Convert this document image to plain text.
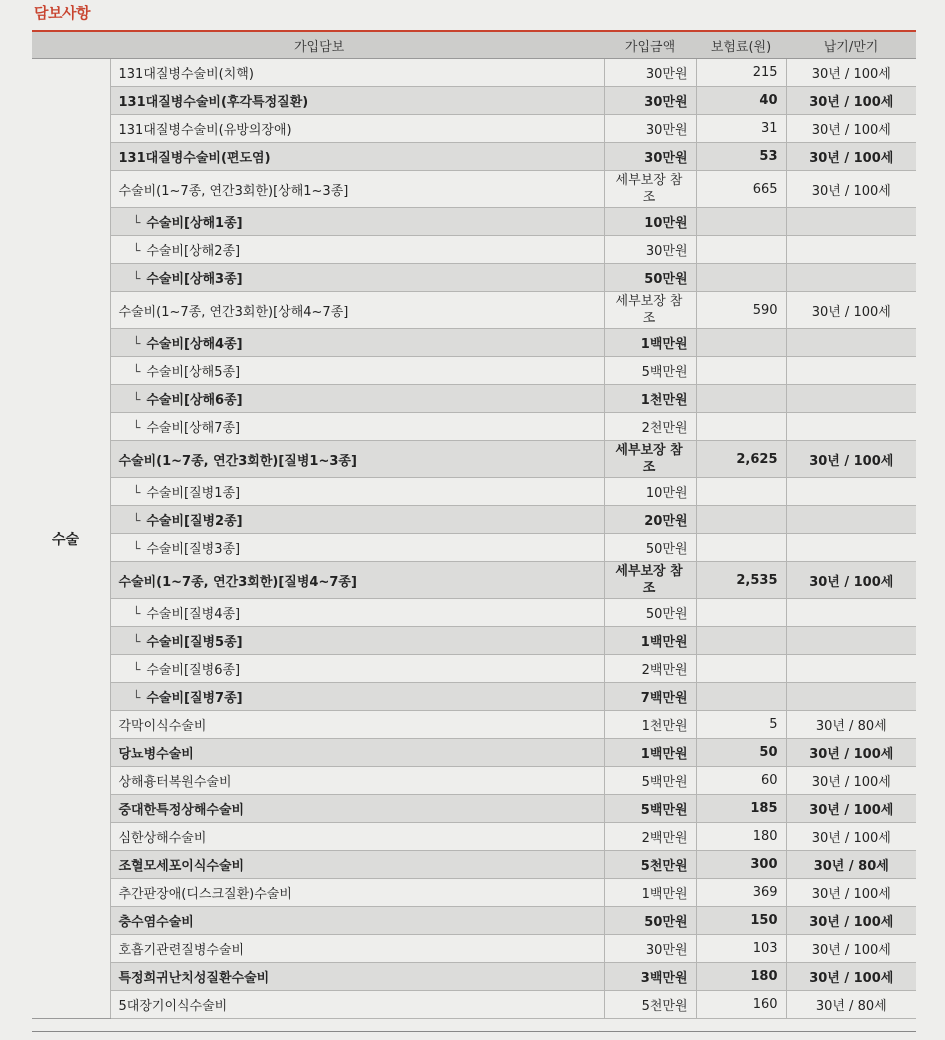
담보사항
가입담보		가입금액	보험료(원)	납기/만기
수술	131대질병수술비(치핵)	30만원	215	30년 / 100세
	131대질병수술비(후각특정질환)	30만원	40	30년 / 100세
	131대질병수술비(유방의장애)	30만원	31	30년 / 100세
	131대질병수술비(편도염)	30만원	53	30년 / 100세
	수술비(1~7종, 연간3회한)[상해1~3종]	세부보장 참조	665	30년 / 100세
	└ 수술비[상해1종]	10만원		
	└ 수술비[상해2종]	30만원		
	└ 수술비[상해3종]	50만원		
	수술비(1~7종, 연간3회한)[상해4~7종]	세부보장 참조	590	30년 / 100세
	└ 수술비[상해4종]	1백만원		
	└ 수술비[상해5종]	5백만원		
	└ 수술비[상해6종]	1천만원		
	└ 수술비[상해7종]	2천만원		
	수술비(1~7종, 연간3회한)[질병1~3종]	세부보장 참조	2,625	30년 / 100세
	└ 수술비[질병1종]	10만원		
	└ 수술비[질병2종]	20만원		
	└ 수술비[질병3종]	50만원		
	수술비(1~7종, 연간3회한)[질병4~7종]	세부보장 참조	2,535	30년 / 100세
	└ 수술비[질병4종]	50만원		
	└ 수술비[질병5종]	1백만원		
	└ 수술비[질병6종]	2백만원		
	└ 수술비[질병7종]	7백만원		
	각막이식수술비	1천만원	5	30년 / 80세
	당뇨병수술비	1백만원	50	30년 / 100세
	상해흉터복원수술비	5백만원	60	30년 / 100세
	중대한특정상해수술비	5백만원	185	30년 / 100세
	심한상해수술비	2백만원	180	30년 / 100세
	조혈모세포이식수술비	5천만원	300	30년 / 80세
	추간판장애(디스크질환)수술비	1백만원	369	30년 / 100세
	충수염수술비	50만원	150	30년 / 100세
	호흡기관련질병수술비	30만원	103	30년 / 100세
	특정희귀난치성질환수술비	3백만원	180	30년 / 100세
	5대장기이식수술비	5천만원	160	30년 / 80세
